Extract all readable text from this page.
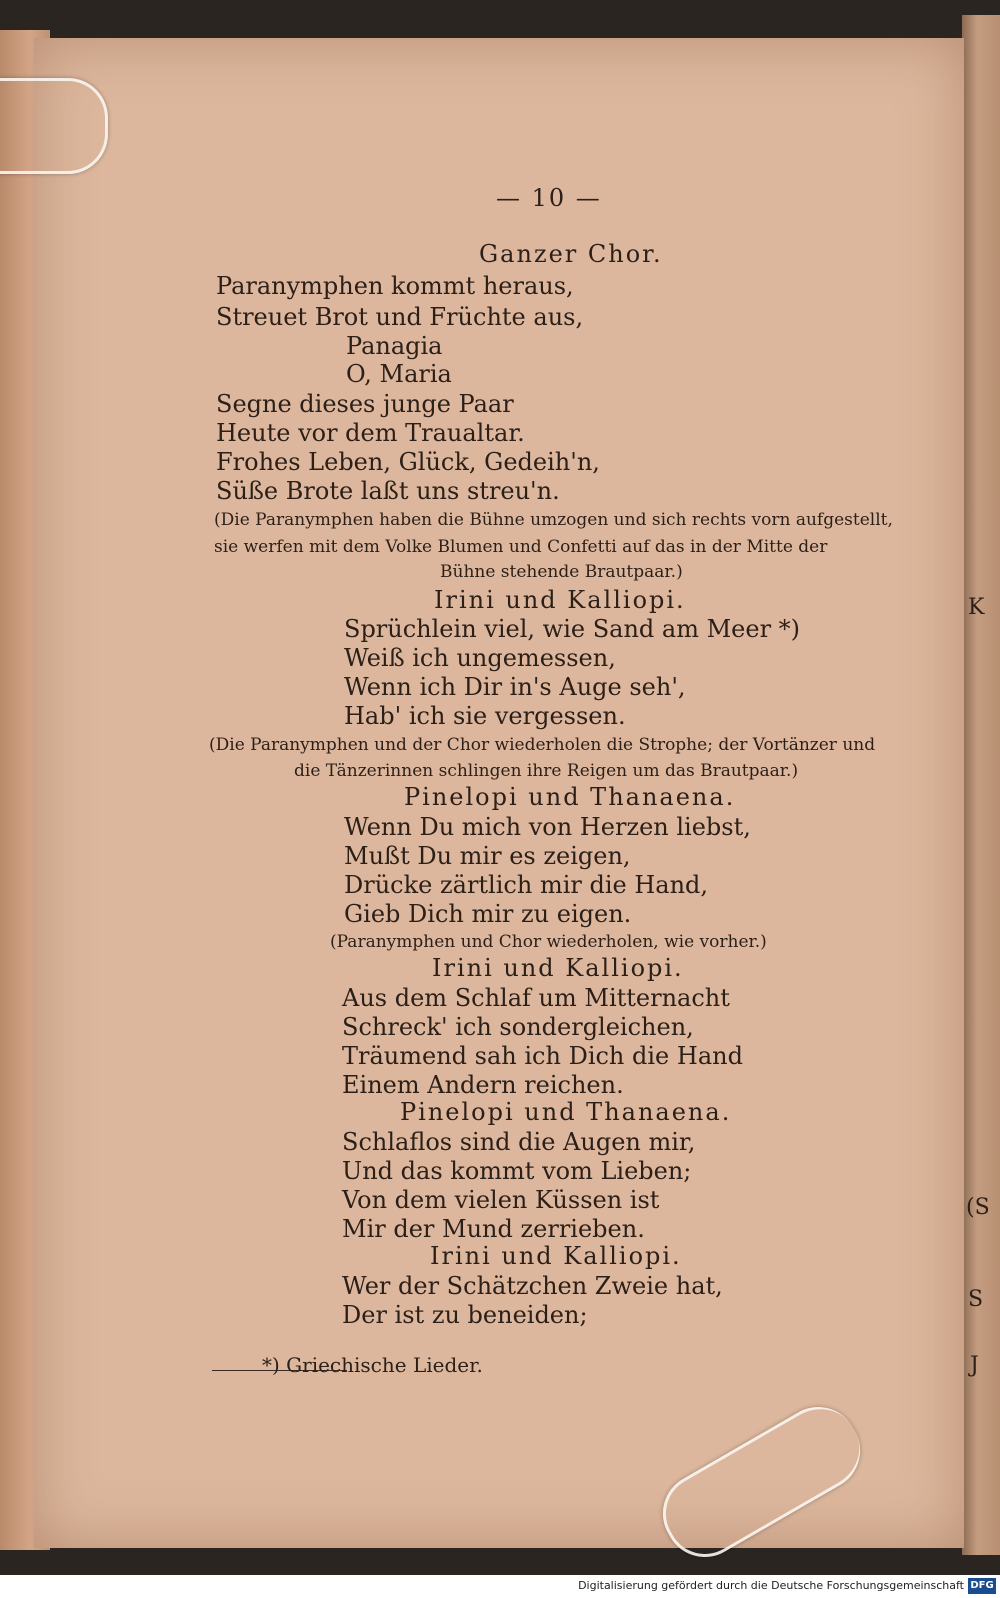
K
(S
S
J
— 10 —
Ganzer Chor.
Paranymphen kommt heraus,
Streuet Brot und Früchte aus,
Panagia
O, Maria
Segne dieses junge Paar
Heute vor dem Traualtar.
Frohes Leben, Glück, Gedeih'n,
Süße Brote laßt uns streu'n.
(Die Paranymphen haben die Bühne umzogen und sich rechts vorn aufgestellt,
sie werfen mit dem Volke Blumen und Confetti auf das in der Mitte der
Bühne stehende Brautpaar.)
Irini und Kalliopi.
Sprüchlein viel, wie Sand am Meer *)
Weiß ich ungemessen,
Wenn ich Dir in's Auge seh',
Hab' ich sie vergessen.
(Die Paranymphen und der Chor wiederholen die Strophe; der Vortänzer und
die Tänzerinnen schlingen ihre Reigen um das Brautpaar.)
Pinelopi und Thanaena.
Wenn Du mich von Herzen liebst,
Mußt Du mir es zeigen,
Drücke zärtlich mir die Hand,
Gieb Dich mir zu eigen.
(Paranymphen und Chor wiederholen, wie vorher.)
Irini und Kalliopi.
Aus dem Schlaf um Mitternacht
Schreck' ich sondergleichen,
Träumend sah ich Dich die Hand
Einem Andern reichen.
Pinelopi und Thanaena.
Schlaflos sind die Augen mir,
Und das kommt vom Lieben;
Von dem vielen Küssen ist
Mir der Mund zerrieben.
Irini und Kalliopi.
Wer der Schätzchen Zweie hat,
Der ist zu beneiden;
*) Griechische Lieder.
Digitalisierung gefördert durch die Deutsche Forschungsgemeinschaft DFG
